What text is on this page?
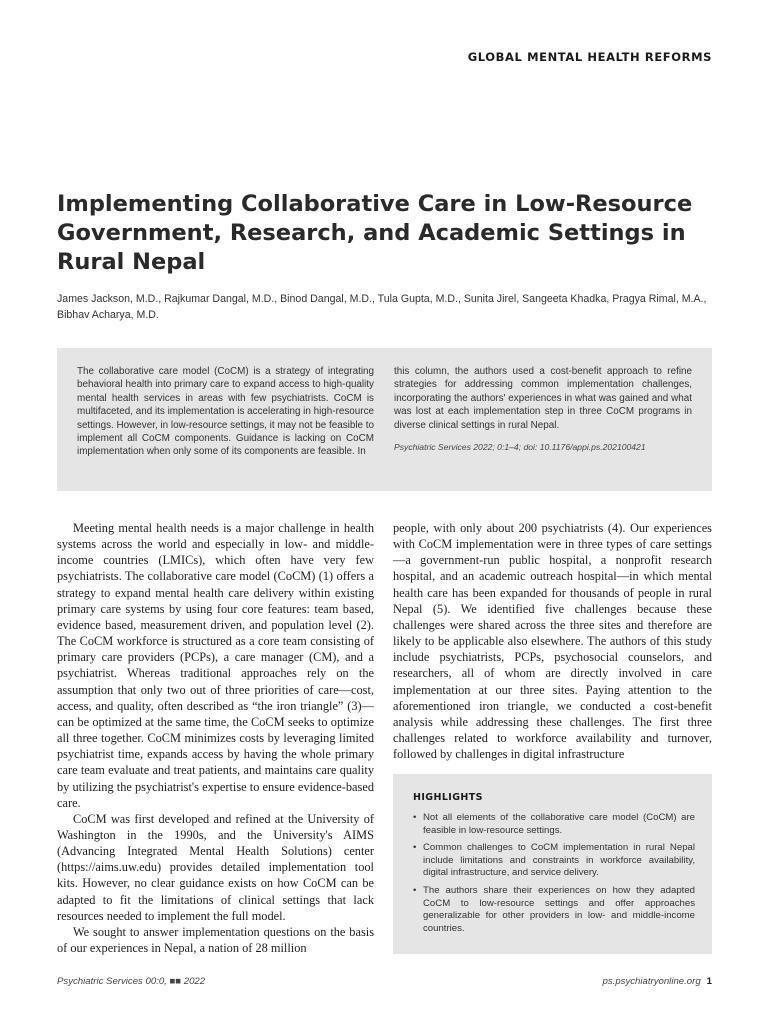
GLOBAL MENTAL HEALTH REFORMS
Implementing Collaborative Care in Low-Resource Government, Research, and Academic Settings in Rural Nepal
James Jackson, M.D., Rajkumar Dangal, M.D., Binod Dangal, M.D., Tula Gupta, M.D., Sunita Jirel, Sangeeta Khadka, Pragya Rimal, M.A., Bibhav Acharya, M.D.

The collaborative care model (CoCM) is a strategy of integrating behavioral health into primary care to expand access to high-quality mental health services in areas with few psychiatrists. CoCM is multifaceted, and its implementation is accelerating in high-resource settings. However, in low-resource settings, it may not be feasible to implement all CoCM components. Guidance is lacking on CoCM implementation when only some of its components are feasible. In

this column, the authors used a cost-benefit approach to refine strategies for addressing common implementation challenges, incorporating the authors' experiences in what was gained and what was lost at each implementation step in three CoCM programs in diverse clinical settings in rural Nepal.

Psychiatric Services 2022; 0:1–4; doi: 10.1176/appi.ps.202100421

Meeting mental health needs is a major challenge in health systems across the world and especially in low- and middle-income countries (LMICs), which often have very few psychiatrists. The collaborative care model (CoCM) (1) offers a strategy to expand mental health care delivery within existing primary care systems by using four core features: team based, evidence based, measurement driven, and population level (2). The CoCM workforce is structured as a core team consisting of primary care providers (PCPs), a care manager (CM), and a psychiatrist. Whereas traditional approaches rely on the assumption that only two out of three priorities of care—cost, access, and quality, often described as “the iron triangle” (3)—can be optimized at the same time, the CoCM seeks to optimize all three together. CoCM minimizes costs by leveraging limited psychiatrist time, expands access by having the whole primary care team evaluate and treat patients, and maintains care quality by utilizing the psychiatrist's expertise to ensure evidence-based care.

CoCM was first developed and refined at the University of Washington in the 1990s, and the University's AIMS (Advancing Integrated Mental Health Solutions) center (https://aims.uw.edu) provides detailed implementation tool kits. However, no clear guidance exists on how CoCM can be adapted to fit the limitations of clinical settings that lack resources needed to implement the full model.

We sought to answer implementation questions on the basis of our experiences in Nepal, a nation of 28 million

people, with only about 200 psychiatrists (4). Our experiences with CoCM implementation were in three types of care settings—a government-run public hospital, a nonprofit research hospital, and an academic outreach hospital—in which mental health care has been expanded for thousands of people in rural Nepal (5). We identified five challenges because these challenges were shared across the three sites and therefore are likely to be applicable also elsewhere. The authors of this study include psychiatrists, PCPs, psychosocial counselors, and researchers, all of whom are directly involved in care implementation at our three sites. Paying attention to the aforementioned iron triangle, we conducted a cost-benefit analysis while addressing these challenges. The first three challenges related to workforce availability and turnover, followed by challenges in digital infrastructure

HIGHLIGHTS
• Not all elements of the collaborative care model (CoCM) are feasible in low-resource settings.
• Common challenges to CoCM implementation in rural Nepal include limitations and constraints in workforce availability, digital infrastructure, and service delivery.
• The authors share their experiences on how they adapted CoCM to low-resource settings and offer approaches generalizable for other providers in low- and middle-income countries.
Psychiatric Services 00:0, ■■ 2022	ps.psychiatryonline.org 1
